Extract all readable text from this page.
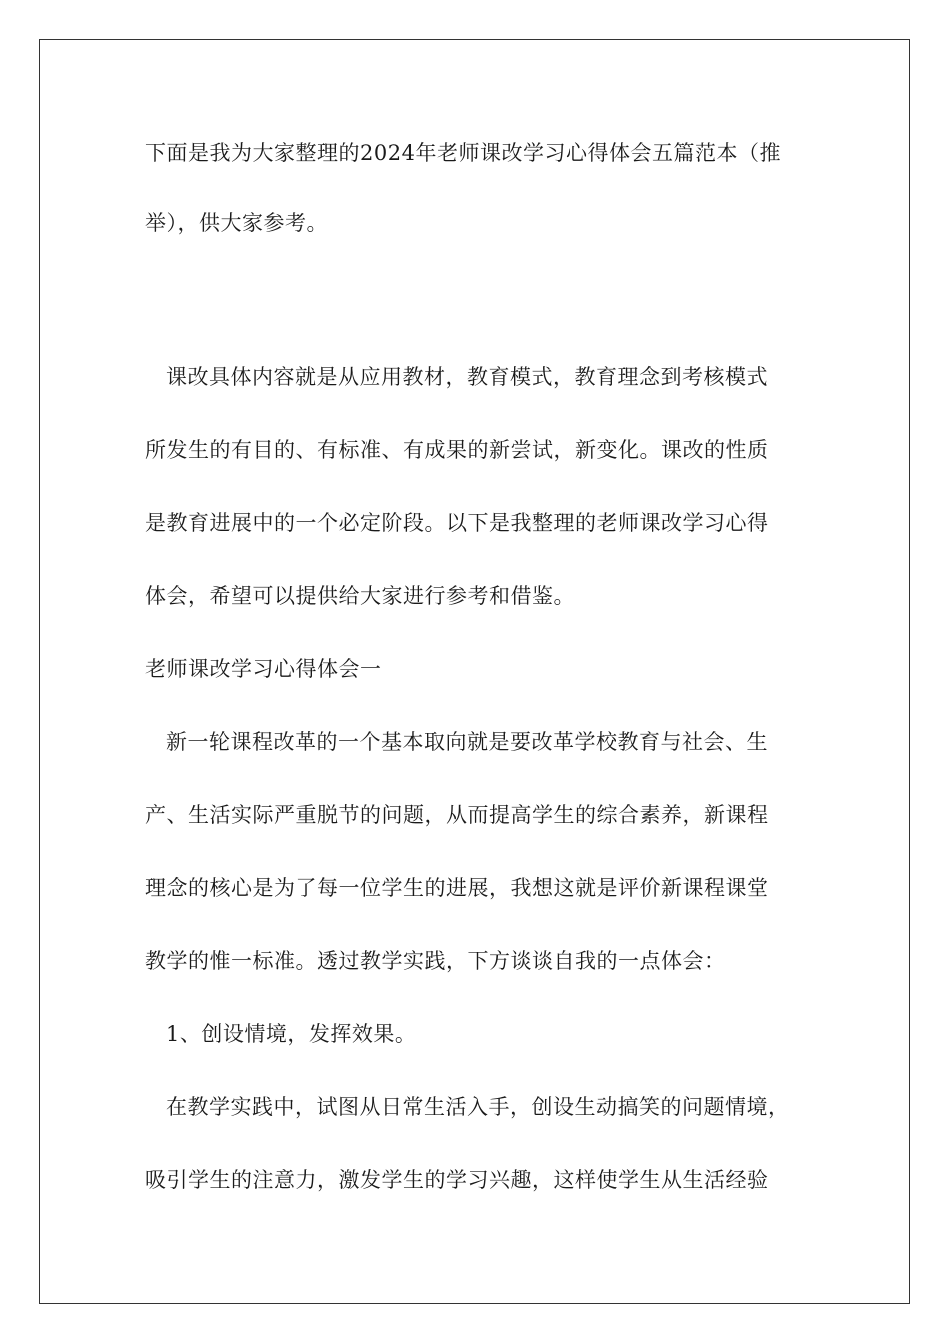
下面是我为大家整理的2024年老师课改学习心得体会五篇范本（推
举），供大家参考。
课改具体内容就是从应用教材，教育模式，教育理念到考核模式
所发生的有目的、有标准、有成果的新尝试，新变化。课改的性质
是教育进展中的一个必定阶段。以下是我整理的老师课改学习心得
体会，希望可以提供给大家进行参考和借鉴。
老师课改学习心得体会一
新一轮课程改革的一个基本取向就是要改革学校教育与社会、生
产、生活实际严重脱节的问题，从而提高学生的综合素养，新课程
理念的核心是为了每一位学生的进展，我想这就是评价新课程课堂
教学的惟一标准。透过教学实践，下方谈谈自我的一点体会：
1、创设情境，发挥效果。
在教学实践中，试图从日常生活入手，创设生动搞笑的问题情境，
吸引学生的注意力，激发学生的学习兴趣，这样使学生从生活经验
